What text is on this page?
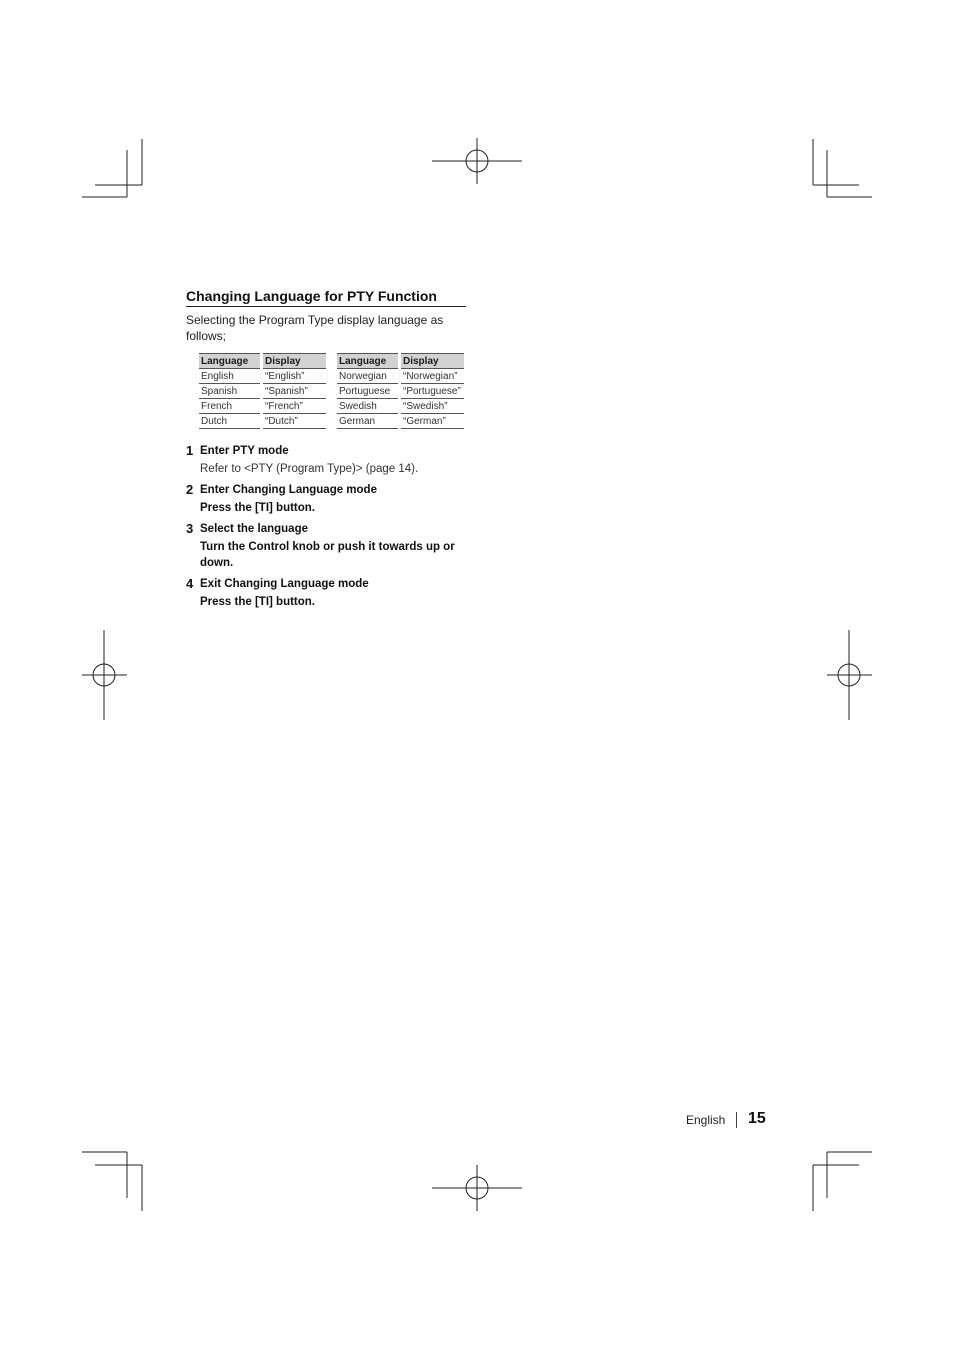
Changing Language for PTY Function
Selecting the Program Type display language as follows;
Language		Display
English		“English”
Spanish		“Spanish”
French		“French”
Dutch		“Dutch”
Language		Display
Norwegian		“Norwegian”
Portuguese		“Portuguese”
Swedish		“Swedish”
German		“German”
1 Enter PTY mode
Refer to <PTY (Program Type)> (page 14).
2 Enter Changing Language mode
Press the [TI] button.
3 Select the language
Turn the Control knob or push it towards up or down.
4 Exit Changing Language mode
Press the [TI] button.
English 15
